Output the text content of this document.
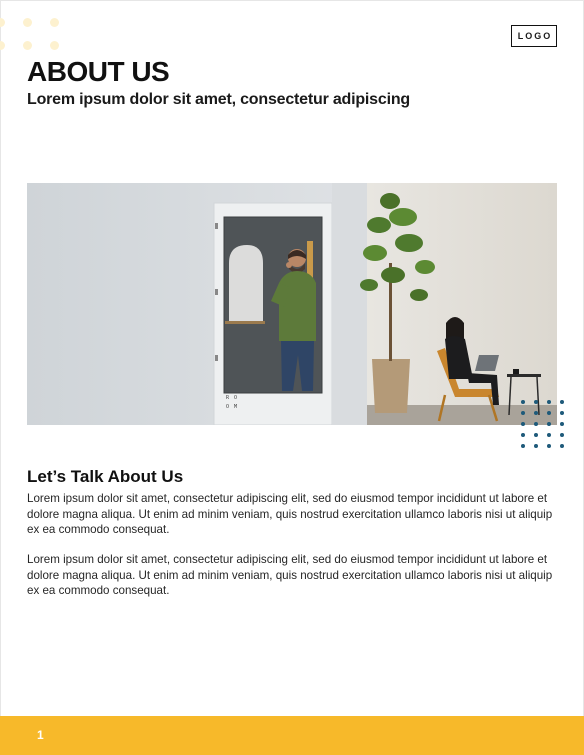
LOGO
ABOUT US
Lorem ipsum dolor sit amet, consectetur adipiscing
R O
O M
Let’s Talk About Us

Lorem ipsum dolor sit amet, consectetur adipiscing elit, sed do eiusmod tempor incididunt ut labore et dolore magna aliqua. Ut enim ad minim veniam, quis nostrud exercitation ullamco laboris nisi ut aliquip ex ea commodo consequat.

Lorem ipsum dolor sit amet, consectetur adipiscing elit, sed do eiusmod tempor incididunt ut labore et dolore magna aliqua. Ut enim ad minim veniam, quis nostrud exercitation ullamco laboris nisi ut aliquip ex ea commodo consequat.

1
